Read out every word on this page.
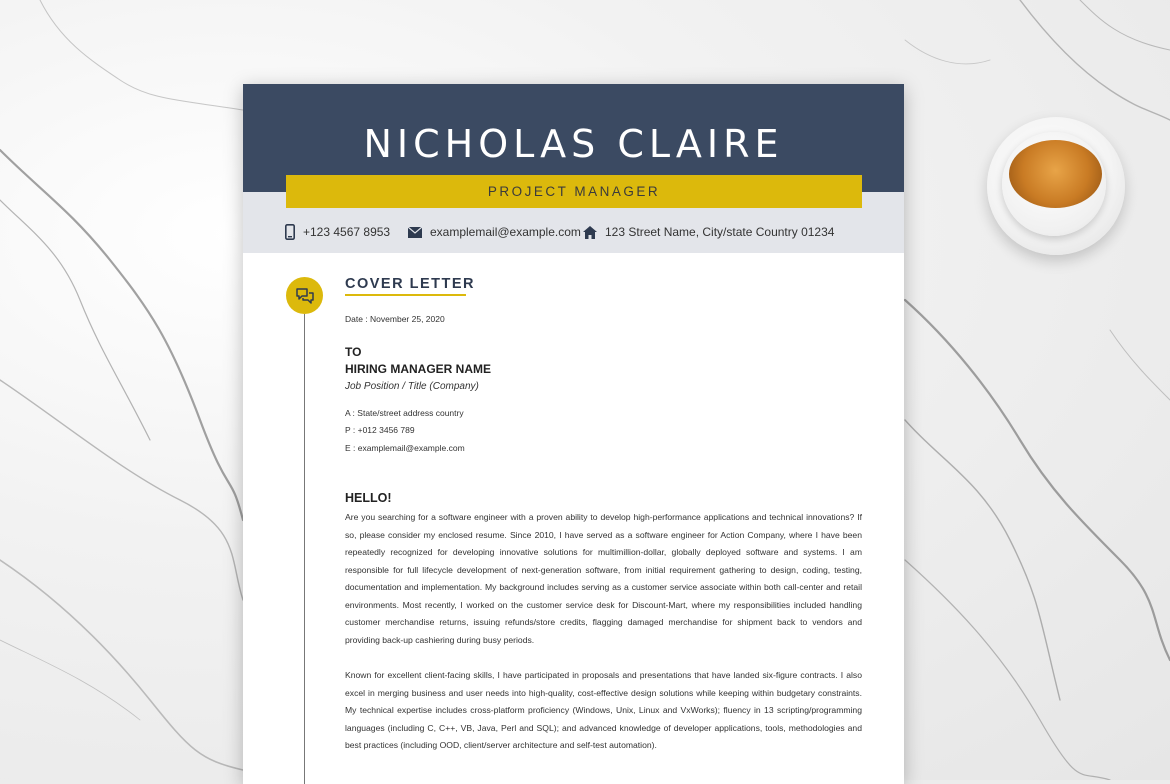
NICHOLAS CLAIRE
PROJECT MANAGER
+123 4567 8953	examplemail@example.com 123 Street Name, City/state Country 01234
COVER LETTER
Date : November 25, 2020
TO
HIRING MANAGER NAME
Job Position / Title (Company)
A : State/street address country
P : +012 3456 789
E : examplemail@example.com
HELLO!

Are you searching for a software engineer with a proven ability to develop high-performance applications and technical innovations? If so, please consider my enclosed resume. Since 2010, I have served as a software engineer for Action Company, where I have been repeatedly recognized for developing innovative solutions for multimillion-dollar, globally deployed software and systems. I am responsible for full lifecycle development of next-generation software, from initial requirement gathering to design, coding, testing, documentation and implementation. My background includes serving as a customer service associate within both call-center and retail environments. Most recently, I worked on the customer service desk for Discount-Mart, where my responsibilities included handling customer merchandise returns, issuing refunds/store credits, flagging damaged merchandise for shipment back to vendors and providing back-up cashiering during busy periods.

Known for excellent client-facing skills, I have participated in proposals and presentations that have landed six-figure contracts. I also excel in merging business and user needs into high-quality, cost-effective design solutions while keeping within budgetary constraints. My technical expertise includes cross-platform proficiency (Windows, Unix, Linux and VxWorks); fluency in 13 scripting/programming languages (including C, C++, VB, Java, Perl and SQL); and advanced knowledge of developer applications, tools, methodologies and best practices (including OOD, client/server architecture and self-test automation).
